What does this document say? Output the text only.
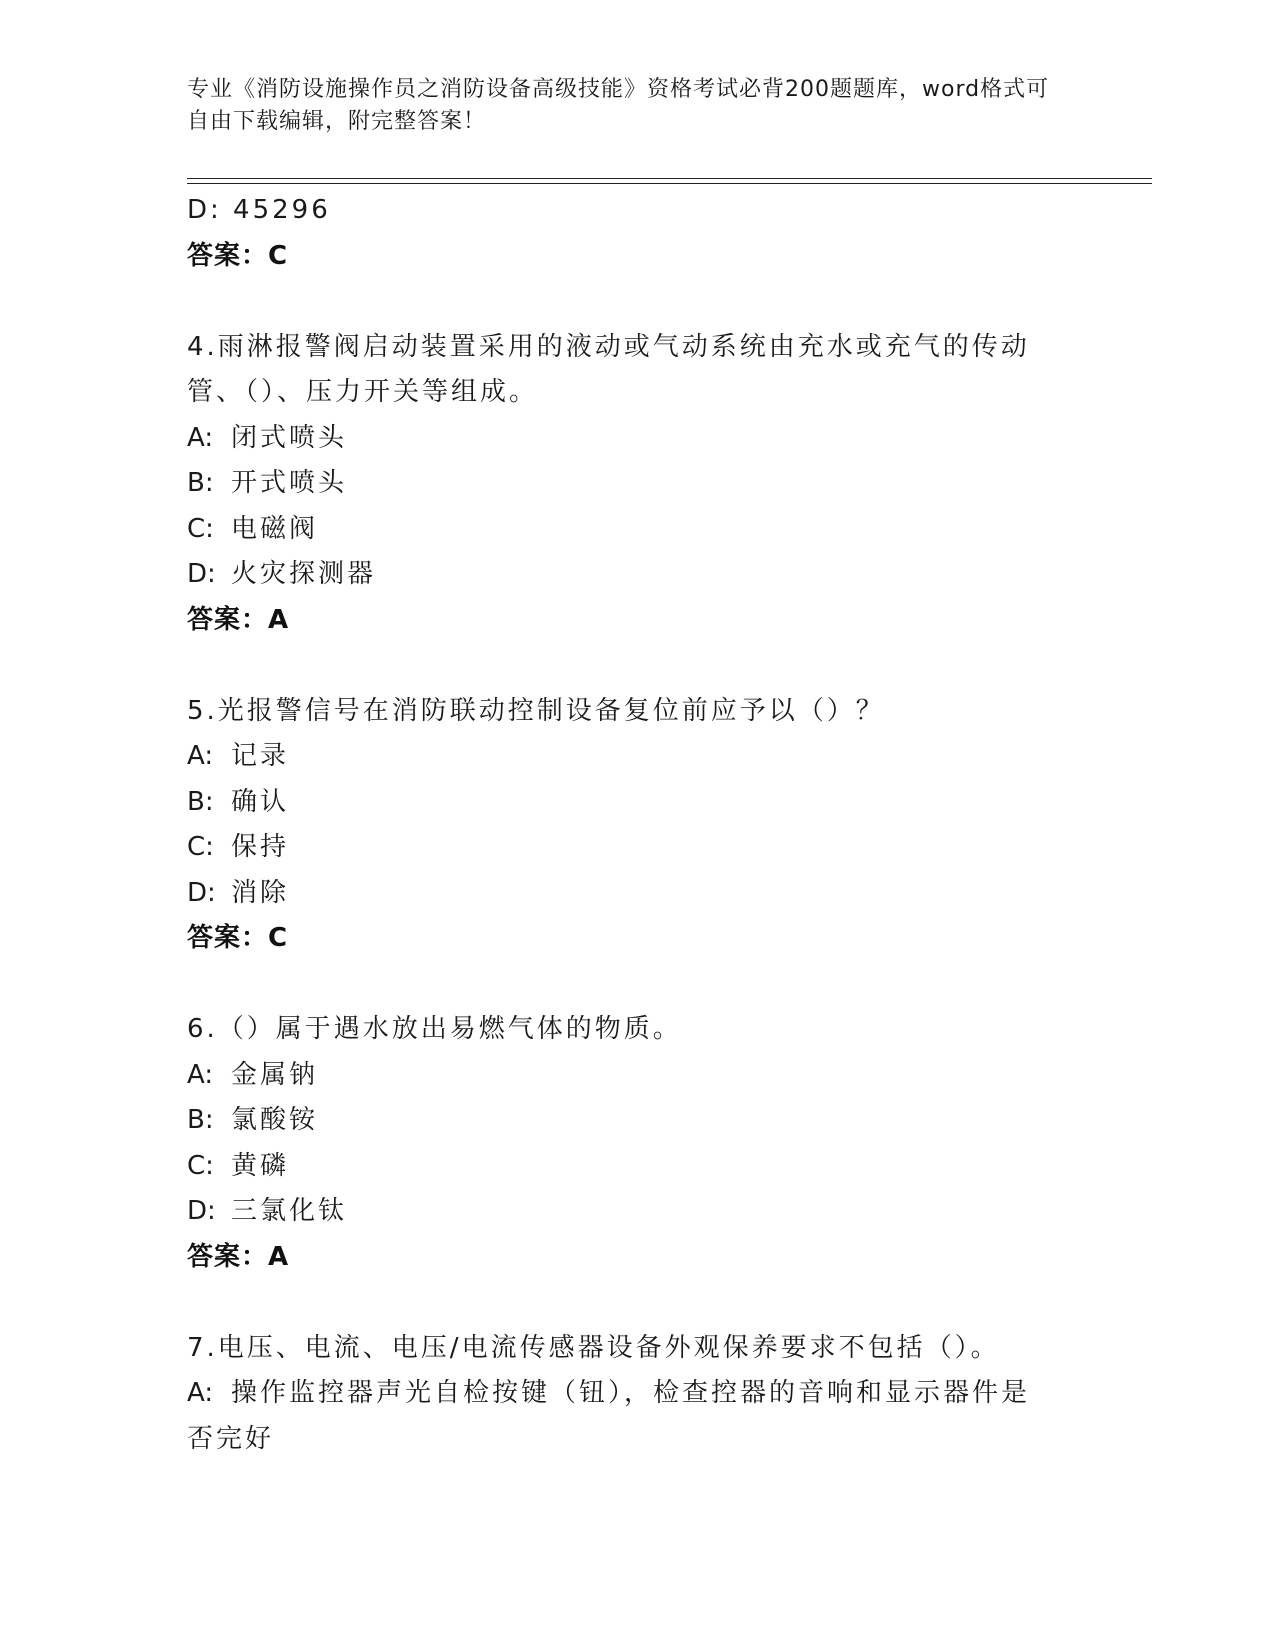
专业《消防设施操作员之消防设备高级技能》资格考试必背200题题库，word格式可自由下载编辑，附完整答案！
D: 45296
答案：C
4.雨淋报警阀启动装置采用的液动或气动系统由充水或充气的传动管、（）、压力开关等组成。
A: 闭式喷头
B: 开式喷头
C: 电磁阀
D: 火灾探测器
答案：A
5.光报警信号在消防联动控制设备复位前应予以（）？
A: 记录
B: 确认
C: 保持
D: 消除
答案：C
6.（）属于遇水放出易燃气体的物质。
A: 金属钠
B: 氯酸铵
C: 黄磷
D: 三氯化钛
答案：A
7.电压、电流、电压/电流传感器设备外观保养要求不包括（）。
A: 操作监控器声光自检按键（钮），检查控器的音响和显示器件是否完好
